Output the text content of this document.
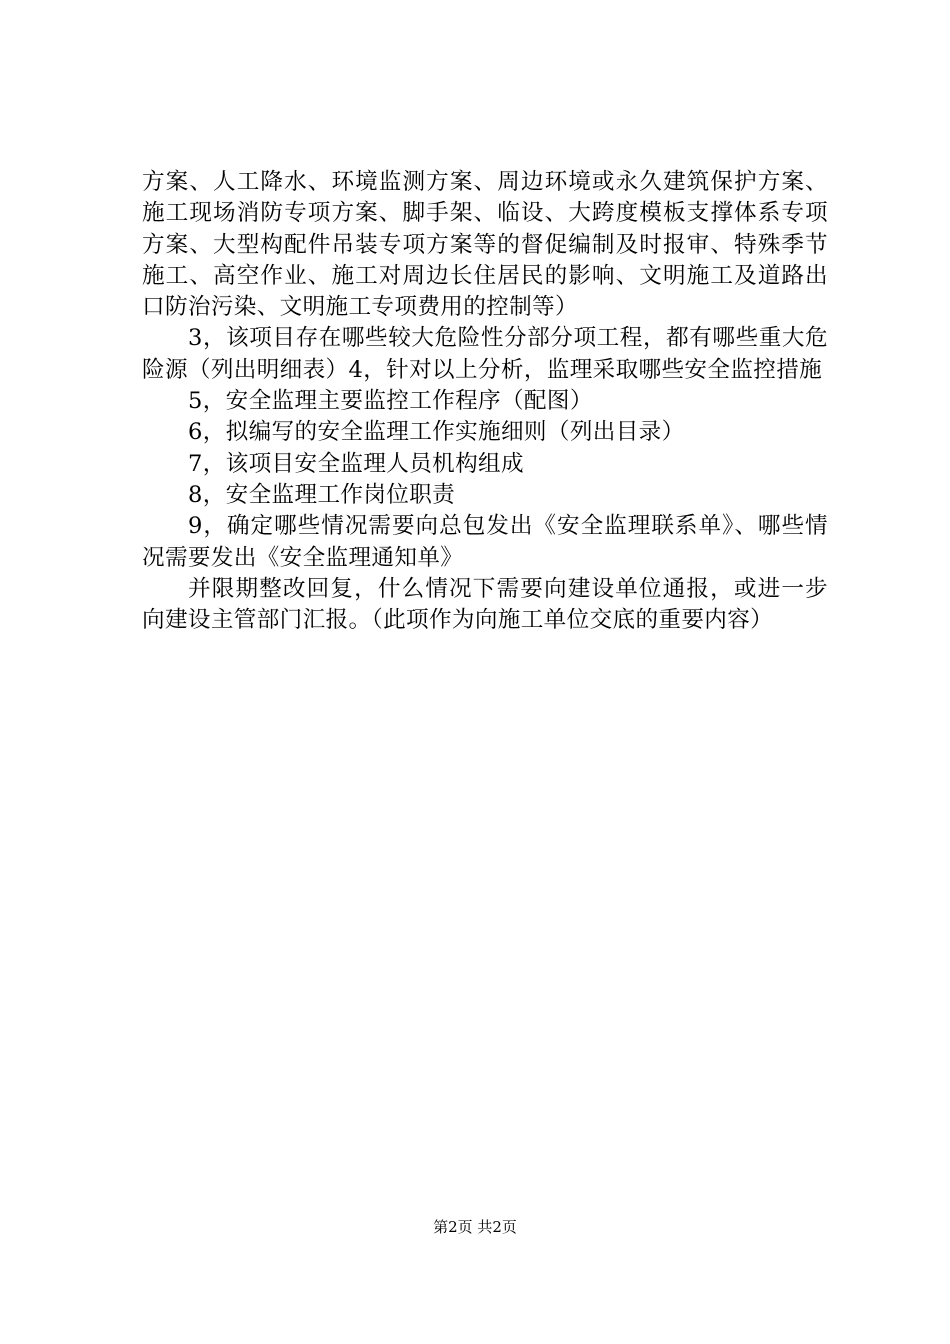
方案、人工降水、环境监测方案、周边环境或永久建筑保护方案、施工现场消防专项方案、脚手架、临设、大跨度模板支撑体系专项方案、大型构配件吊装专项方案等的督促编制及时报审、特殊季节施工、高空作业、施工对周边长住居民的影响、文明施工及道路出口防治污染、文明施工专项费用的控制等）

3，该项目存在哪些较大危险性分部分项工程，都有哪些重大危险源（列出明细表）4，针对以上分析，监理采取哪些安全监控措施

5，安全监理主要监控工作程序（配图）

6，拟编写的安全监理工作实施细则（列出目录）

7，该项目安全监理人员机构组成

8，安全监理工作岗位职责

9，确定哪些情况需要向总包发出《安全监理联系单》、哪些情况需要发出《安全监理通知单》

并限期整改回复，什么情况下需要向建设单位通报，或进一步向建设主管部门汇报。（此项作为向施工单位交底的重要内容）

第2页 共2页
